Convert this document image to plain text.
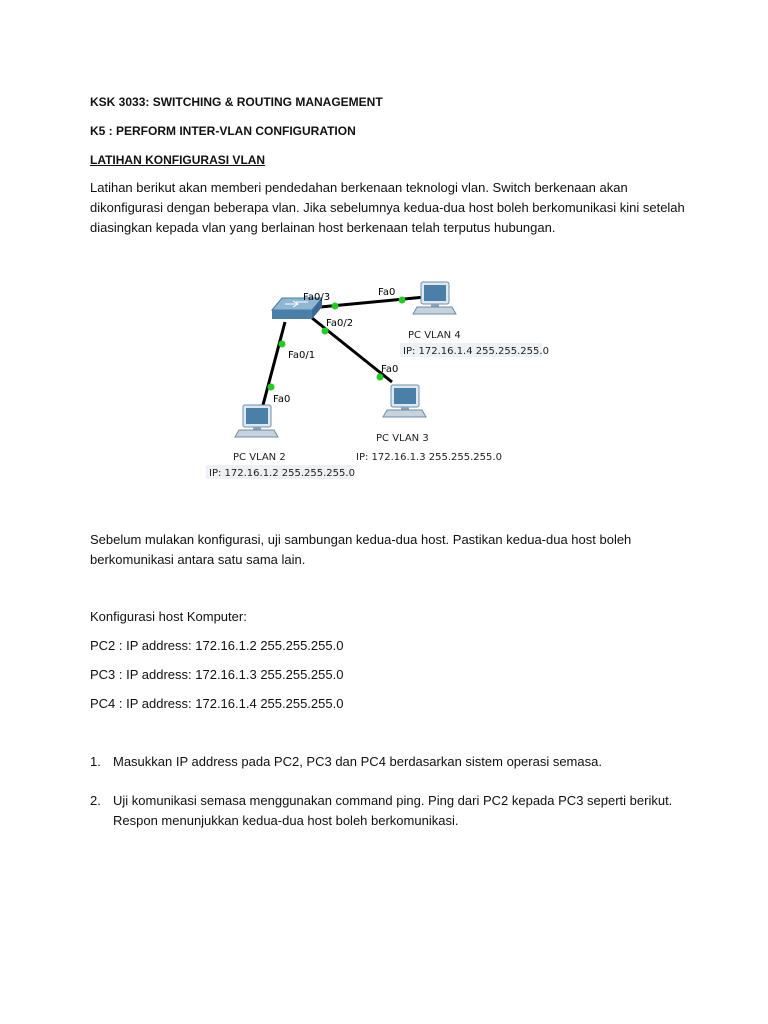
KSK 3033: SWITCHING & ROUTING MANAGEMENT
K5 : PERFORM INTER-VLAN CONFIGURATION
LATIHAN KONFIGURASI VLAN
Latihan berikut akan memberi pendedahan berkenaan teknologi vlan. Switch berkenaan akan
dikonfigurasi dengan beberapa vlan. Jika sebelumnya kedua-dua host boleh berkomunikasi kini setelah
diasingkan kepada vlan yang berlainan host berkenaan telah terputus hubungan.
Fa0/3	Fa0
Fa0/2
Fa0
Fa0/1
Fa0
PC VLAN 4
IP: 172.16.1.4 255.255.255.0
PC VLAN 3
IP: 172.16.1.3 255.255.255.0
PC VLAN 2
IP: 172.16.1.2 255.255.255.0
Sebelum mulakan konfigurasi, uji sambungan kedua-dua host. Pastikan kedua-dua host boleh
berkomunikasi antara satu sama lain.
Konfigurasi host Komputer:
PC2 : IP address: 172.16.1.2 255.255.255.0
PC3 : IP address: 172.16.1.3 255.255.255.0
PC4 : IP address: 172.16.1.4 255.255.255.0
1. Masukkan IP address pada PC2, PC3 dan PC4 berdasarkan sistem operasi semasa.
2. Uji komunikasi semasa menggunakan command ping. Ping dari PC2 kepada PC3 seperti berikut.
Respon menunjukkan kedua-dua host boleh berkomunikasi.
